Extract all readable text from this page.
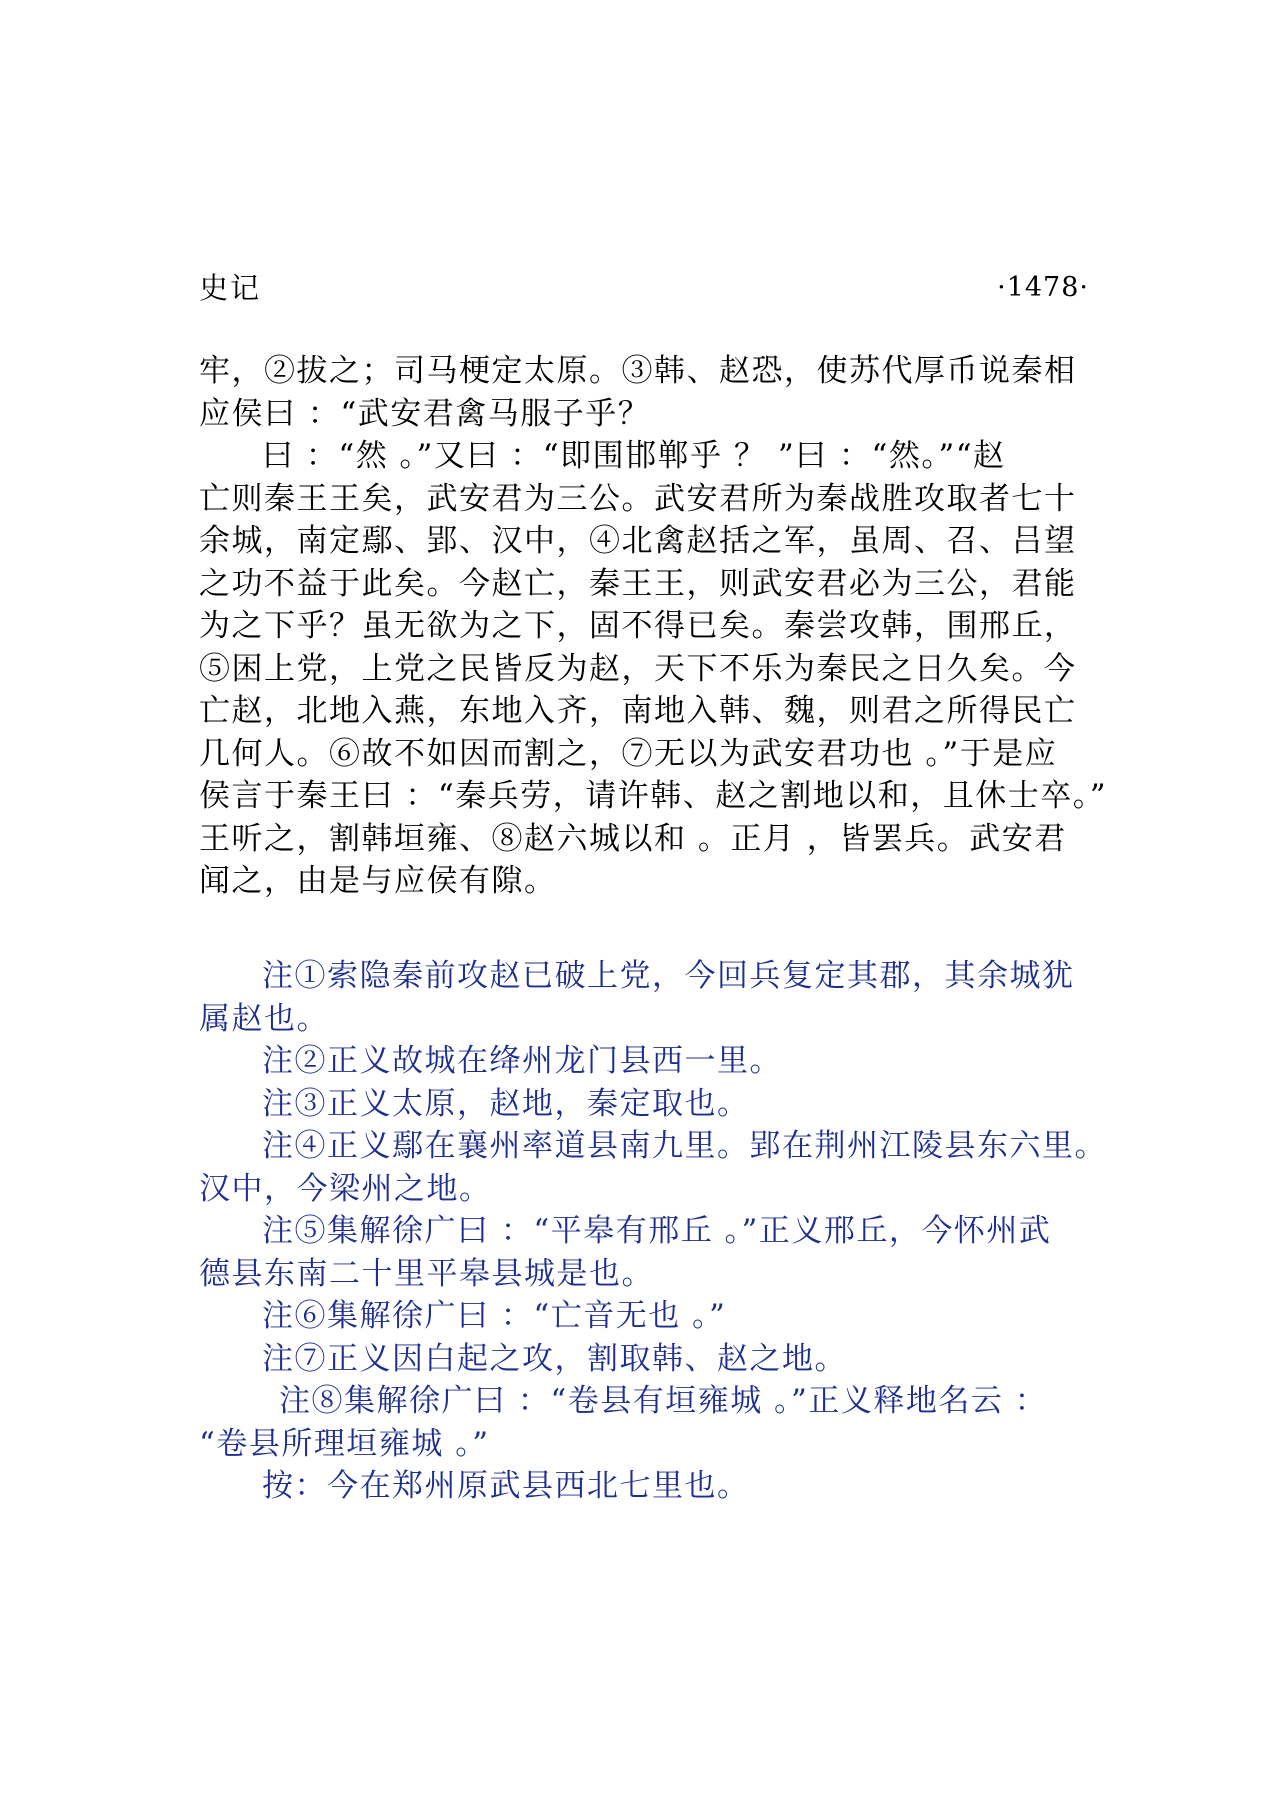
史记	·1478·
牢，②拔之；司马梗定太原。③韩、赵恐，使苏代厚币说秦相
应侯曰 ：“武安君禽马服子乎？
曰 ：“然 。”又曰 ：“即围邯郸乎 ？ ”曰 ：“然。”“赵
亡则秦王王矣，武安君为三公。武安君所为秦战胜攻取者七十
余城，南定鄢、郢、汉中，④北禽赵括之军，虽周、召、吕望
之功不益于此矣。今赵亡，秦王王，则武安君必为三公，君能
为之下乎？虽无欲为之下，固不得已矣。秦尝攻韩，围邢丘，
⑤困上党，上党之民皆反为赵，天下不乐为秦民之日久矣。今
亡赵，北地入燕，东地入齐，南地入韩、魏，则君之所得民亡
几何人。⑥故不如因而割之，⑦无以为武安君功也 。”于是应
侯言于秦王曰 ：“秦兵劳，请许韩、赵之割地以和，且休士卒。”
王听之，割韩垣雍、⑧赵六城以和 。正月 ，皆罢兵。武安君
闻之，由是与应侯有隙。
注①索隐秦前攻赵已破上党，今回兵复定其郡，其余城犹
属赵也。
注②正义故城在绛州龙门县西一里。
注③正义太原，赵地，秦定取也。
注④正义鄢在襄州率道县南九里。郢在荆州江陵县东六里。
汉中，今梁州之地。
注⑤集解徐广曰 ：“平皋有邢丘 。”正义邢丘，今怀州武
德县东南二十里平皋县城是也。
注⑥集解徐广曰 ：“亡音无也 。”
注⑦正义因白起之攻，割取韩、赵之地。
注⑧集解徐广曰 ：“卷县有垣雍城 。”正义释地名云 ：
“卷县所理垣雍城 。”
按：今在郑州原武县西北七里也。
